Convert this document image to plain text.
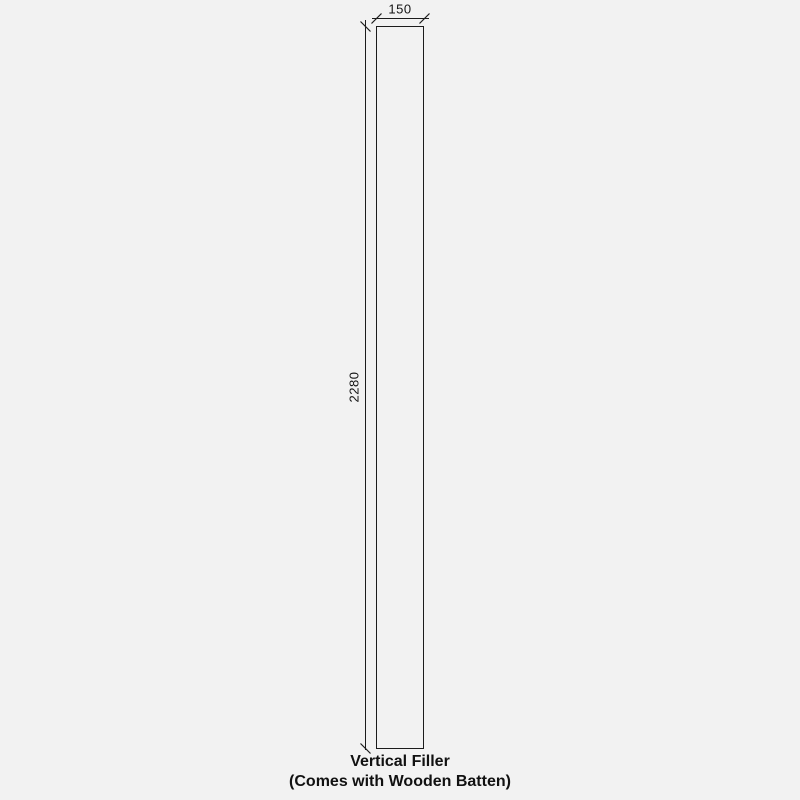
150
2280
Vertical Filler
(Comes with Wooden Batten)
